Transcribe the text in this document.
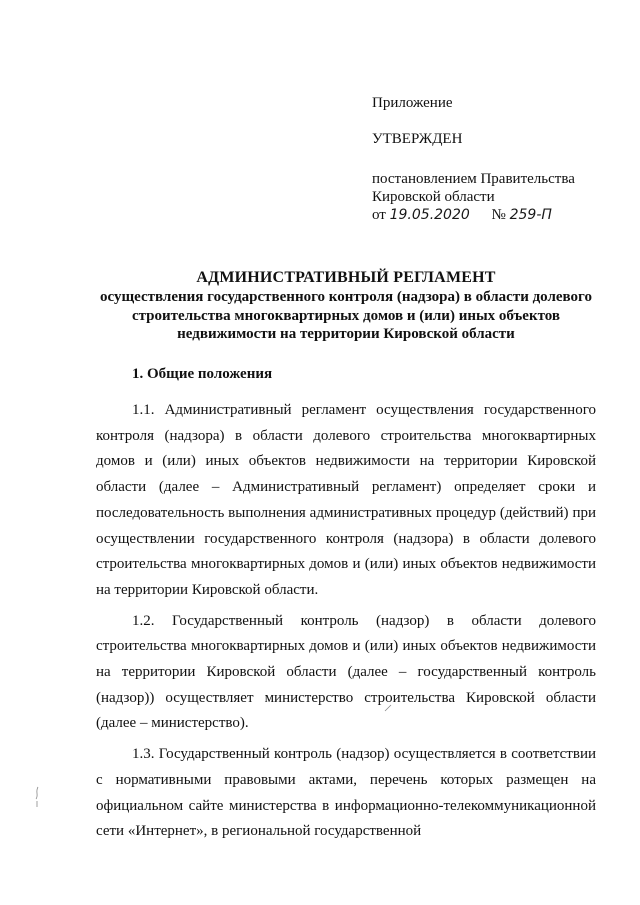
Приложение
УТВЕРЖДЕН
постановлением Правительства
Кировской области
от 19.05.2020 № 259-П
АДМИНИСТРАТИВНЫЙ РЕГЛАМЕНТ
осуществления государственного контроля (надзора) в области долевого строительства многоквартирных домов и (или) иных объектов недвижимости на территории Кировской области
1. Общие положения

1.1. Административный регламент осуществления государственного контроля (надзора) в области долевого строительства многоквартирных домов и (или) иных объектов недвижимости на территории Кировской области (далее – Административный регламент) определяет сроки и последовательность выполнения административных процедур (действий) при осуществлении государственного контроля (надзора) в области долевого строительства многоквартирных домов и (или) иных объектов недвижимости на территории Кировской области.

1.2. Государственный контроль (надзор) в области долевого строительства многоквартирных домов и (или) иных объектов недвижимости на территории Кировской области (далее – государственный контроль (надзор)) осуществляет министерство строительства Кировской области (далее – министерство).

1.3. Государственный контроль (надзор) осуществляется в соответствии с нормативными правовыми актами, перечень которых размещен на официальном сайте министерства в информационно-телекоммуникационной сети «Интернет», в региональной государственной
